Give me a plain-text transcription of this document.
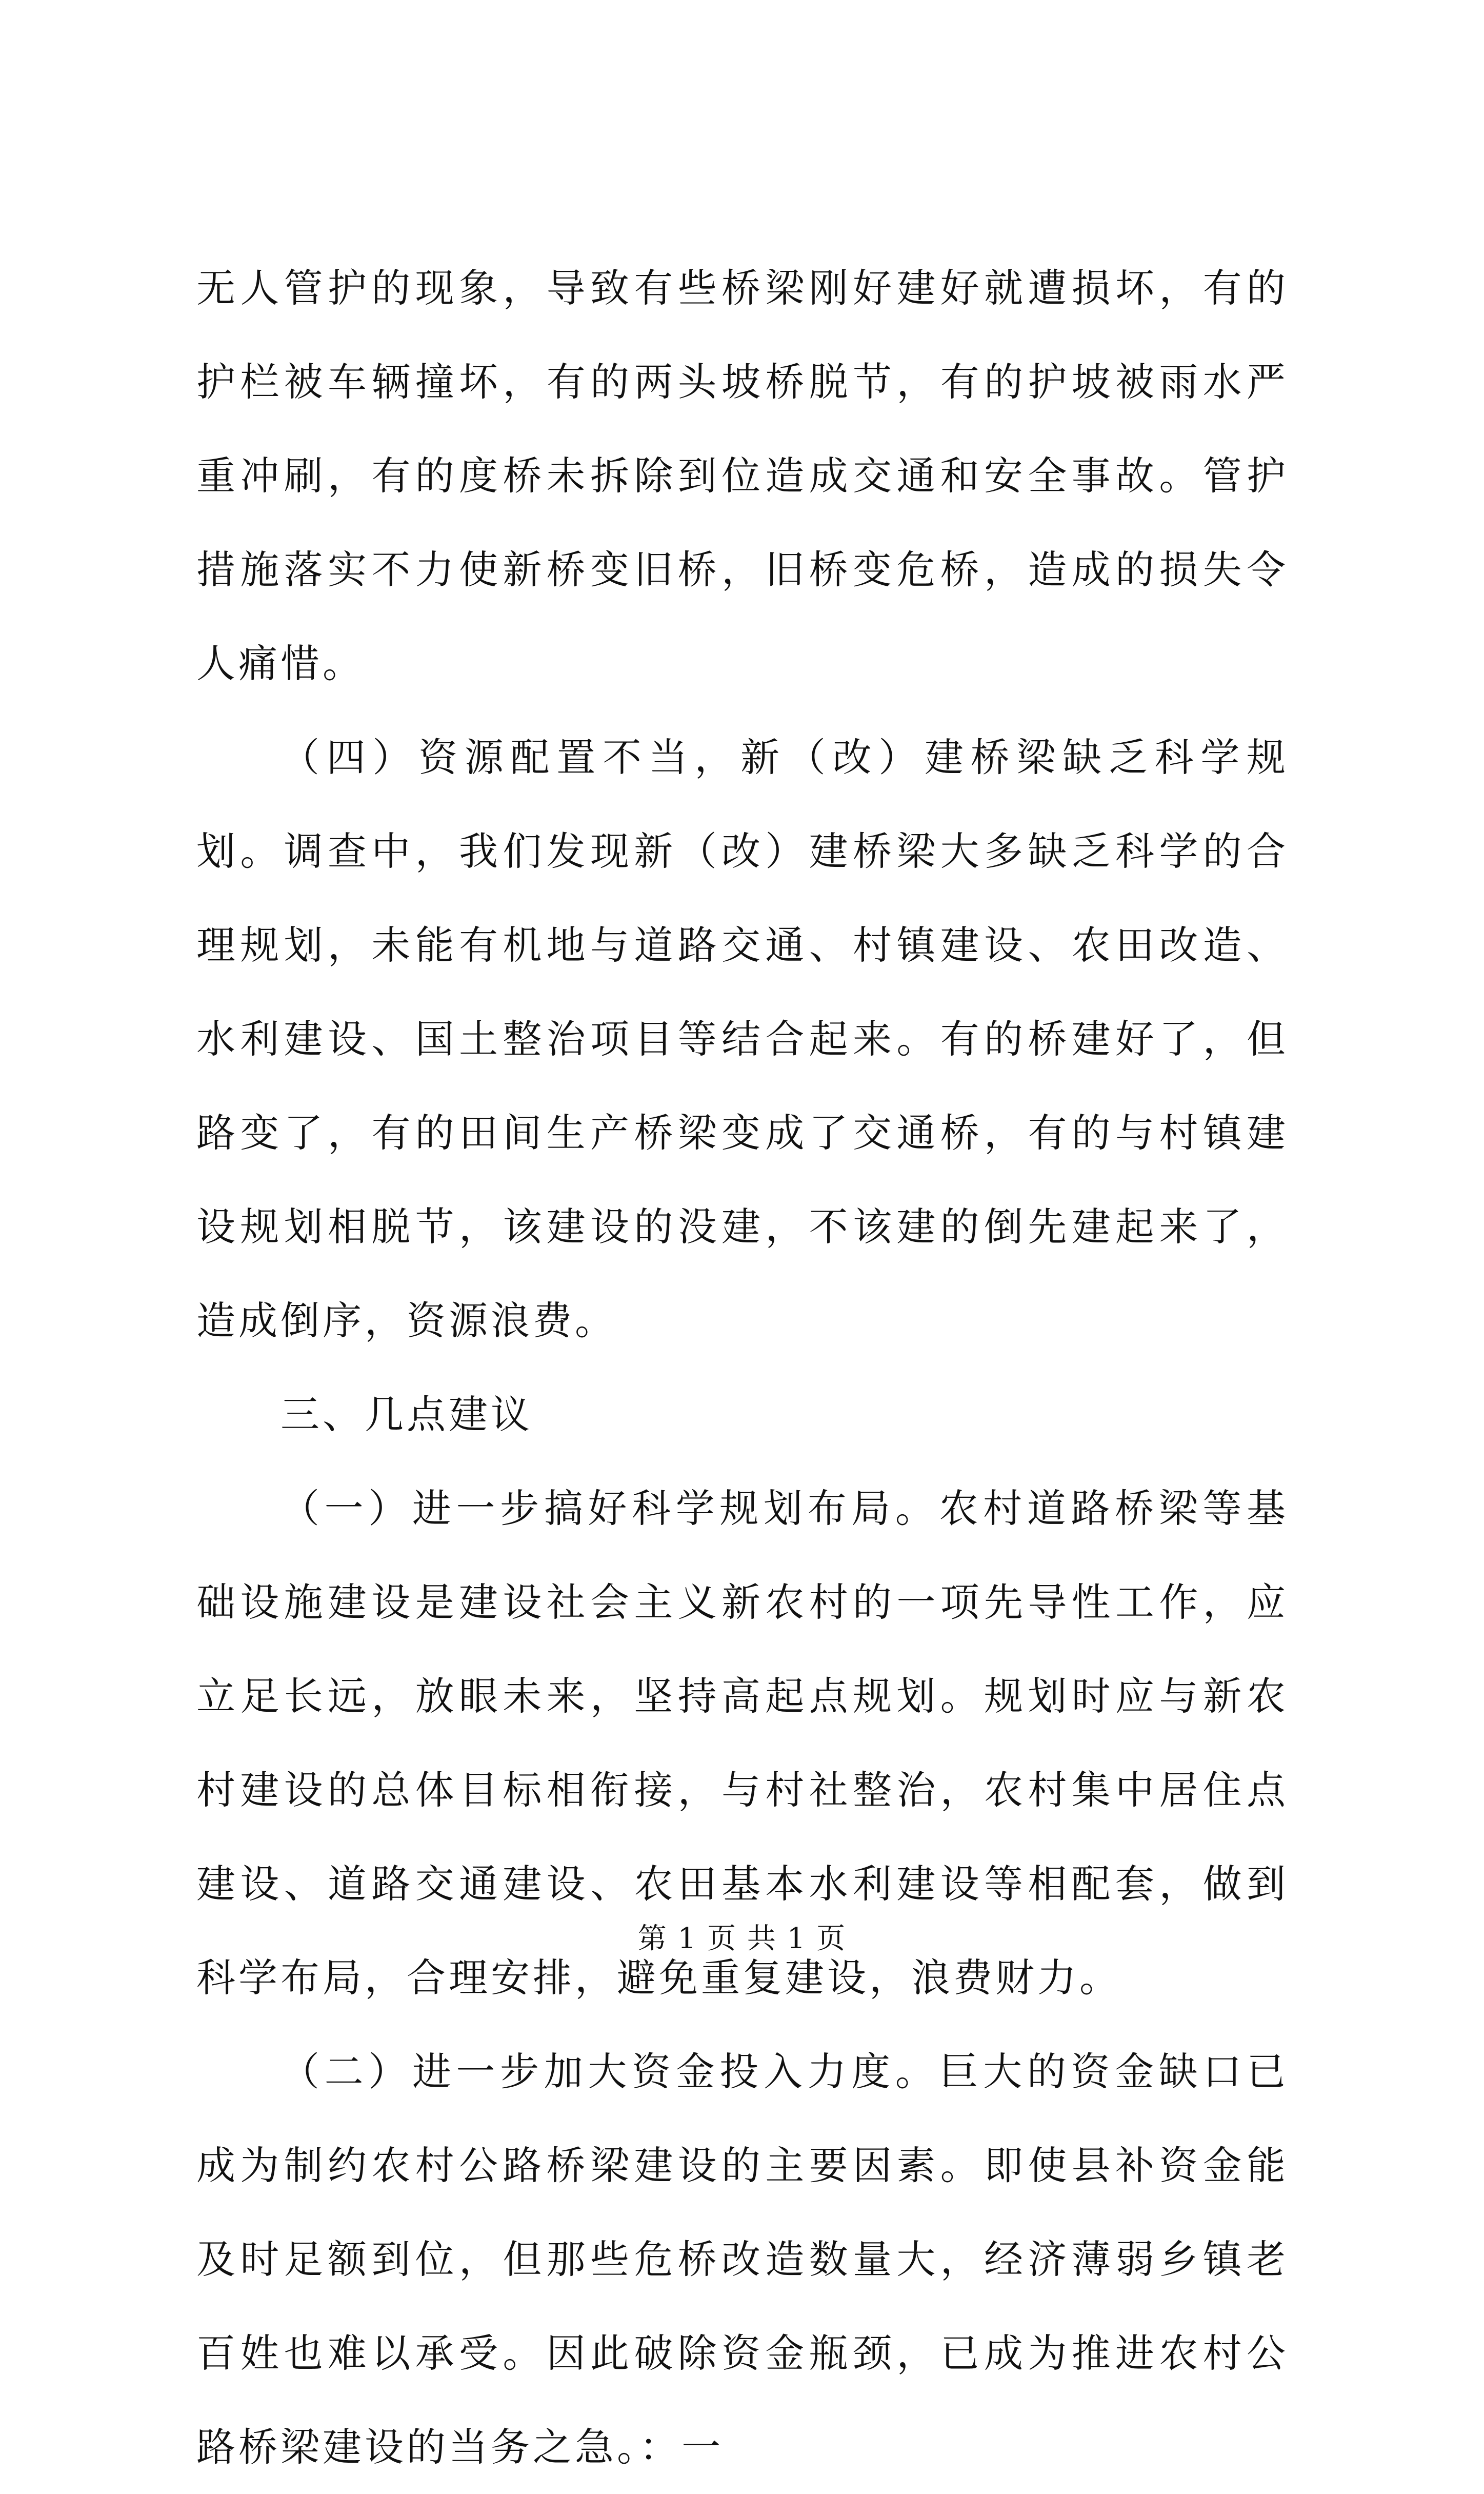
无人管护的现象，导致有些桥梁刚好建好就遭损坏，有的护栏被车辆撞坏，有的两头坡桥脱节，有的护坡被雨水严重冲刷，有的度桥未拆除到位造成交通和安全事故。管护措施落实不力使新桥变旧桥，旧桥变危桥，造成的损失令人痛惜。

（四）资源配置不当，新（改）建桥梁缺乏科学规划。调查中，我们发现新（改）建桥梁大多缺乏科学的合理规划，未能有机地与道路交通、村镇建设、农田改造、水利建设、国土整治项目等结合起来。有的桥建好了，但路变了，有的田间生产桥梁变成了交通桥，有的与村镇建设规划相脱节，该建设的没建，不该建的倒先建起来了，造成倒序，资源浪费。

三、几点建议

（一）进一步搞好科学规划布局。农村道路桥梁等基础设施建设是建设社会主义新农村的一项先导性工作，应立足长远，放眼未来，坚持高起点规划。规划时应与新农村建设的总体目标相衔接，与村社整治，农村集中居住点建设、道路交通建设、农田基本水利建设等相配套，做到科学布局，合理安排，避免重复建设，浪费财力。

（二）进一步加大资金投入力度。巨大的资金缺口已成为制约农村公路桥梁建设的主要因素。即使县补资金能及时足额到位，但那些危桥改造数量大，经济薄弱乡镇老百姓也难以承受。因此破除资金瓶颈，已成为推进农村公路桥梁建设的当务之急。：一

第 1 页 共 1 页
